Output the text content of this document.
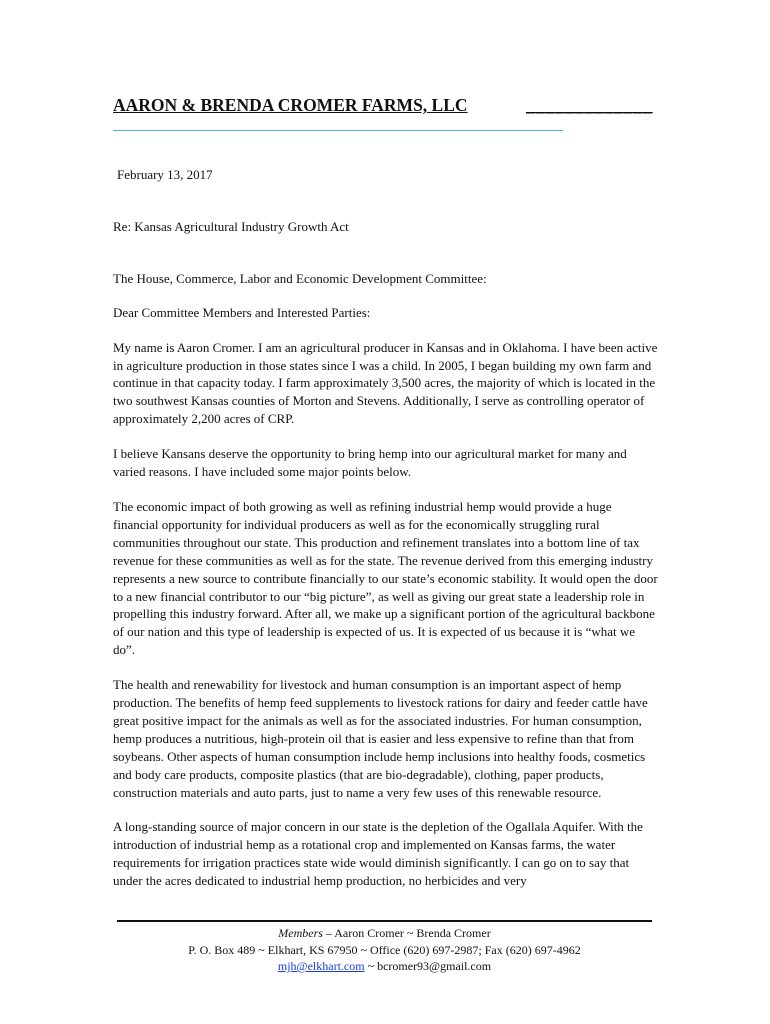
AARON & BRENDA CROMER FARMS, LLC	_____________

February 13, 2017

Re: Kansas Agricultural Industry Growth Act

The House, Commerce, Labor and Economic Development Committee:

Dear Committee Members and Interested Parties:

My name is Aaron Cromer. I am an agricultural producer in Kansas and in Oklahoma. I have been active in agriculture production in those states since I was a child. In 2005, I began building my own farm and continue in that capacity today. I farm approximately 3,500 acres, the majority of which is located in the two southwest Kansas counties of Morton and Stevens. Additionally, I serve as controlling operator of approximately 2,200 acres of CRP.

I believe Kansans deserve the opportunity to bring hemp into our agricultural market for many and varied reasons. I have included some major points below.

The economic impact of both growing as well as refining industrial hemp would provide a huge financial opportunity for individual producers as well as for the economically struggling rural communities throughout our state. This production and refinement translates into a bottom line of tax revenue for these communities as well as for the state. The revenue derived from this emerging industry represents a new source to contribute financially to our state’s economic stability. It would open the door to a new financial contributor to our “big picture”, as well as giving our great state a leadership role in propelling this industry forward. After all, we make up a significant portion of the agricultural backbone of our nation and this type of leadership is expected of us. It is expected of us because it is “what we do”.

The health and renewability for livestock and human consumption is an important aspect of hemp production. The benefits of hemp feed supplements to livestock rations for dairy and feeder cattle have great positive impact for the animals as well as for the associated industries. For human consumption, hemp produces a nutritious, high-protein oil that is easier and less expensive to refine than that from soybeans. Other aspects of human consumption include hemp inclusions into healthy foods, cosmetics and body care products, composite plastics (that are bio-degradable), clothing, paper products, construction materials and auto parts, just to name a very few uses of this renewable resource.

A long-standing source of major concern in our state is the depletion of the Ogallala Aquifer. With the introduction of industrial hemp as a rotational crop and implemented on Kansas farms, the water requirements for irrigation practices state wide would diminish significantly. I can go on to say that under the acres dedicated to industrial hemp production, no herbicides and very

Members – Aaron Cromer ~ Brenda Cromer
P. O. Box 489 ~ Elkhart, KS 67950 ~ Office (620) 697-2987; Fax (620) 697-4962
mjh@elkhart.com ~ bcromer93@gmail.com
